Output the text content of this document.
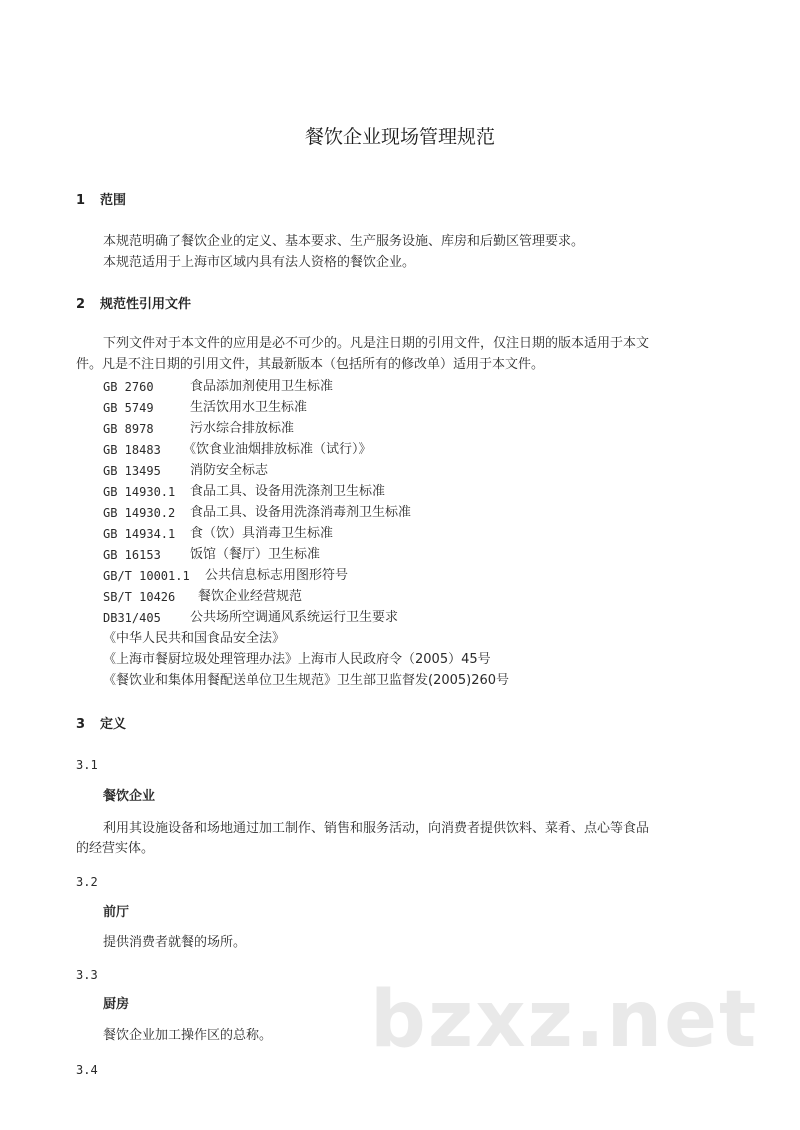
餐饮企业现场管理规范
1 范围
本规范明确了餐饮企业的定义、基本要求、生产服务设施、库房和后勤区管理要求。
本规范适用于上海市区域内具有法人资格的餐饮企业。
2 规范性引用文件
下列文件对于本文件的应用是必不可少的。凡是注日期的引用文件，仅注日期的版本适用于本文
件。凡是不注日期的引用文件，其最新版本（包括所有的修改单）适用于本文件。
GB 2760	食品添加剂使用卫生标准
GB 5749	生活饮用水卫生标准
GB 8978	污水综合排放标准
GB 18483 《饮食业油烟排放标准（试行）》
GB 13495 消防安全标志
GB 14930.1 食品工具、设备用洗涤剂卫生标准
GB 14930.2 食品工具、设备用洗涤消毒剂卫生标准
GB 14934.1 食（饮）具消毒卫生标准
GB 16153 饭馆（餐厅）卫生标准
GB/T 10001.1 公共信息标志用图形符号
SB/T 10426 餐饮企业经营规范
DB31/405 公共场所空调通风系统运行卫生要求
《中华人民共和国食品安全法》
《上海市餐厨垃圾处理管理办法》上海市人民政府令（2005）45号
《餐饮业和集体用餐配送单位卫生规范》卫生部卫监督发(2005)260号
3 定义
3.1
餐饮企业
利用其设施设备和场地通过加工制作、销售和服务活动，向消费者提供饮料、菜肴、点心等食品
的经营实体。
3.2
前厅
提供消费者就餐的场所。
3.3
厨房
餐饮企业加工操作区的总称。
3.4
bzxz.net
